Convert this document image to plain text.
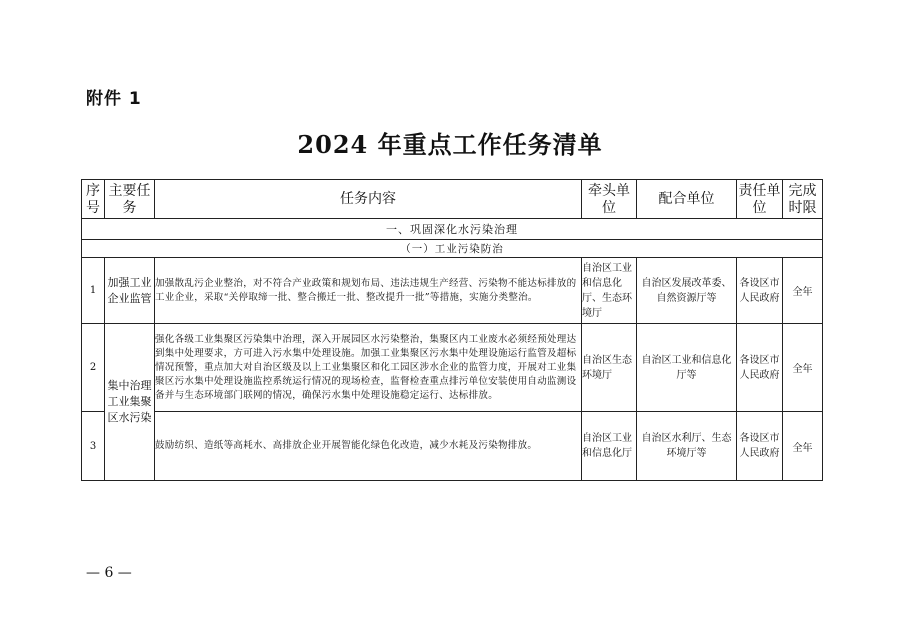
附件 1
2024 年重点工作任务清单
序号	主要任务	任务内容	牵头单位	配合单位	责任单位	完成时限
一、巩固深化水污染治理						
（一）工业污染防治						
1	加强工业企业监管	加强散乱污企业整治，对不符合产业政策和规划布局、违法违规生产经营、污染物不能达标排放的工业企业，采取“关停取缔一批、整合搬迁一批、整改提升一批”等措施，实施分类整治。	自治区工业和信息化厅、生态环境厅	自治区发展改革委、自然资源厅等	各设区市人民政府	全年
2	集中治理工业集聚区水污染	强化各级工业集聚区污染集中治理，深入开展园区水污染整治，集聚区内工业废水必须经预处理达到集中处理要求，方可进入污水集中处理设施。加强工业集聚区污水集中处理设施运行监管及超标情况预警，重点加大对自治区级及以上工业集聚区和化工园区涉水企业的监管力度，开展对工业集聚区污水集中处理设施监控系统运行情况的现场检查，监督检查重点排污单位安装使用自动监测设备并与生态环境部门联网的情况，确保污水集中处理设施稳定运行、达标排放。	自治区生态环境厅	自治区工业和信息化厅等	各设区市人民政府	全年
3		鼓励纺织、造纸等高耗水、高排放企业开展智能化绿色化改造，减少水耗及污染物排放。	自治区工业和信息化厅	自治区水利厅、生态环境厅等	各设区市人民政府	全年
— 6 —
